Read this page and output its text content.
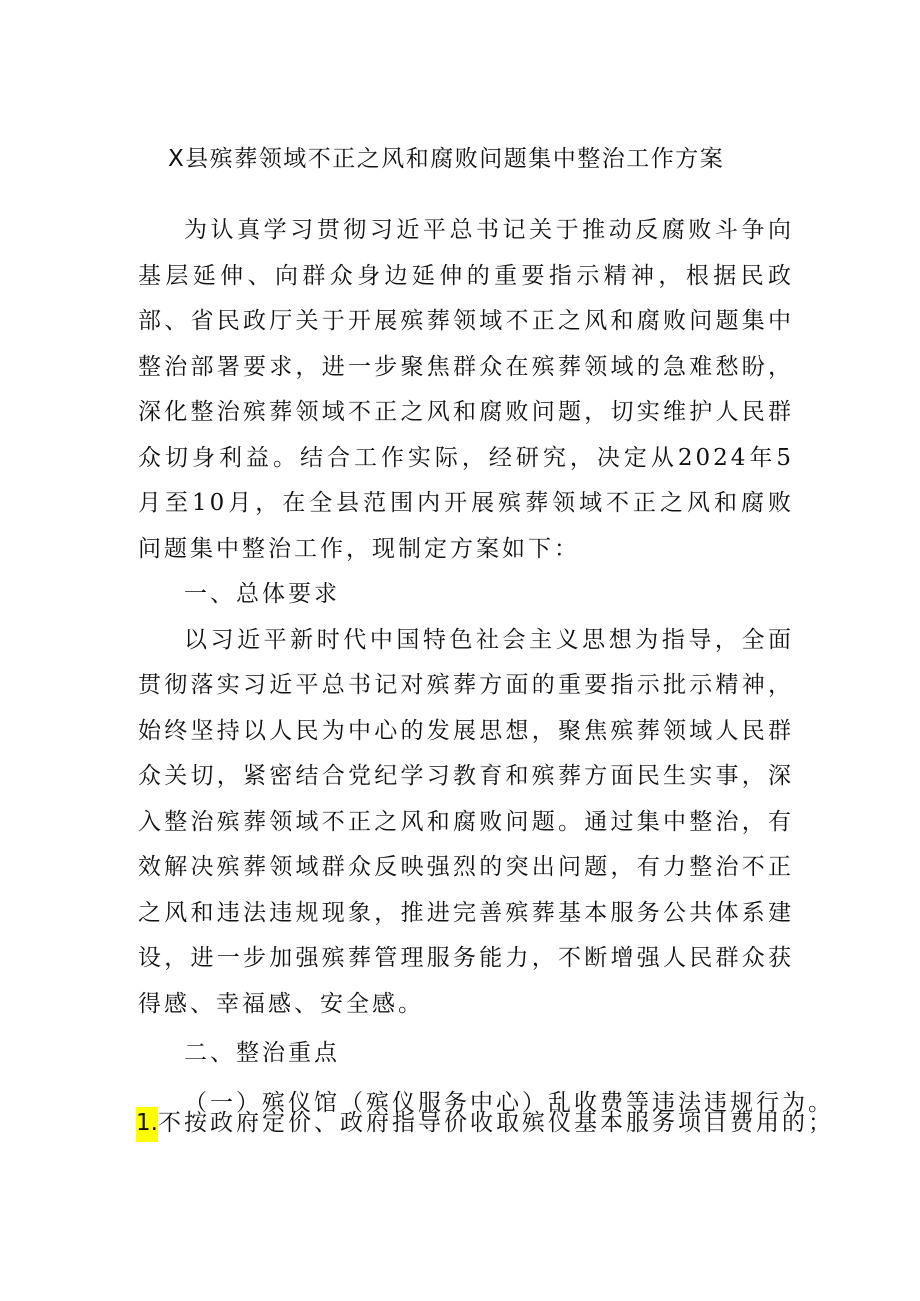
X县殡葬领域不正之风和腐败问题集中整治工作方案

为认真学习贯彻习近平总书记关于推动反腐败斗争向基层延伸、向群众身边延伸的重要指示精神，根据民政部、省民政厅关于开展殡葬领域不正之风和腐败问题集中整治部署要求，进一步聚焦群众在殡葬领域的急难愁盼，深化整治殡葬领域不正之风和腐败问题，切实维护人民群众切身利益。结合工作实际，经研究，决定从2024年5月至10月，在全县范围内开展殡葬领域不正之风和腐败问题集中整治工作，现制定方案如下：

一、总体要求

以习近平新时代中国特色社会主义思想为指导，全面贯彻落实习近平总书记对殡葬方面的重要指示批示精神，始终坚持以人民为中心的发展思想，聚焦殡葬领域人民群众关切，紧密结合党纪学习教育和殡葬方面民生实事，深入整治殡葬领域不正之风和腐败问题。通过集中整治，有效解决殡葬领域群众反映强烈的突出问题，有力整治不正之风和违法违规现象，推进完善殡葬基本服务公共体系建设，进一步加强殡葬管理服务能力，不断增强人民群众获得感、幸福感、安全感。

二、整治重点

（一）殡仪馆（殡仪服务中心）乱收费等违法违规行为。

1.不按政府定价、政府指导价收取殡仪基本服务项目费用的；
